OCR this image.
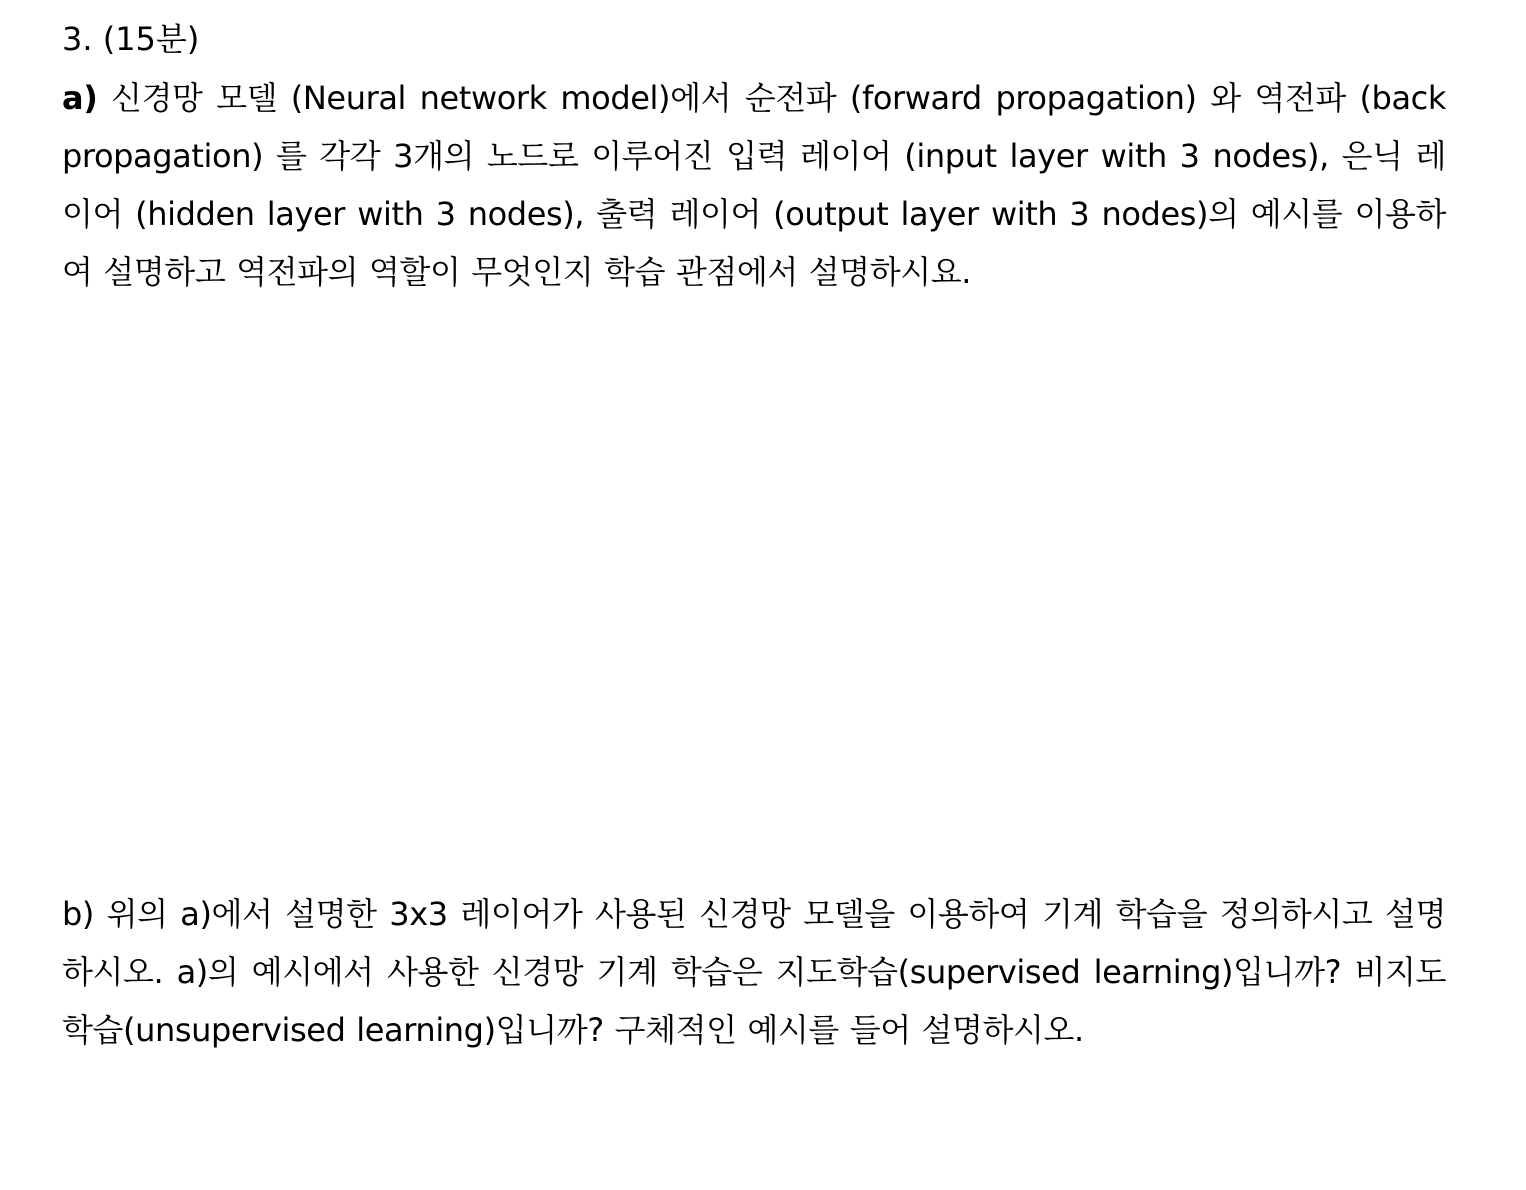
3. (15분)

a) 신경망 모델 (Neural network model)에서 순전파 (forward propagation) 와 역전파 (back propagation) 를 각각 3개의 노드로 이루어진 입력 레이어 (input layer with 3 nodes), 은닉 레이어 (hidden layer with 3 nodes), 출력 레이어 (output layer with 3 nodes)의 예시를 이용하여 설명하고 역전파의 역할이 무엇인지 학습 관점에서 설명하시요.

b) 위의 a)에서 설명한 3x3 레이어가 사용된 신경망 모델을 이용하여 기계 학습을 정의하시고 설명하시오. a)의 예시에서 사용한 신경망 기계 학습은 지도학습(supervised learning)입니까? 비지도 학습(unsupervised learning)입니까? 구체적인 예시를 들어 설명하시오.
